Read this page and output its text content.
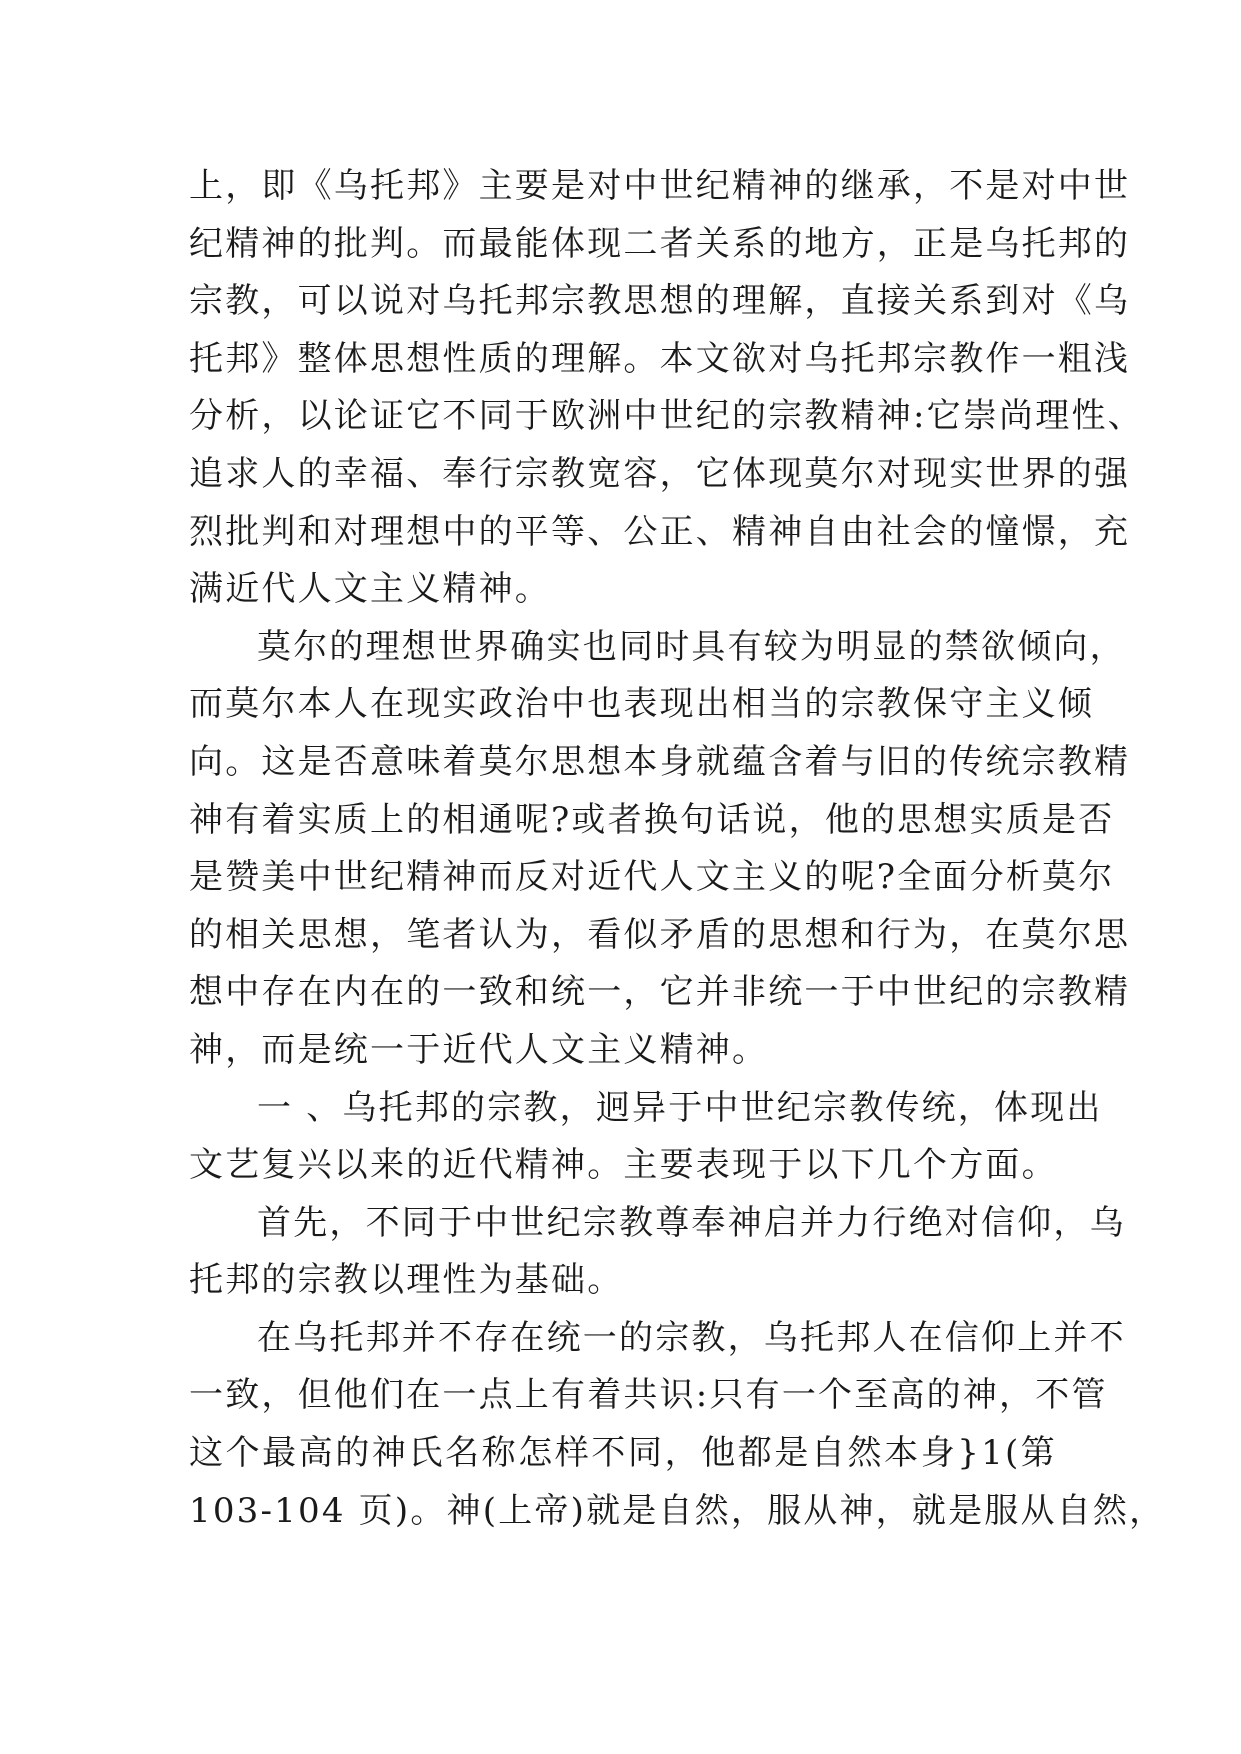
上，即《乌托邦》主要是对中世纪精神的继承，不是对中世
纪精神的批判。而最能体现二者关系的地方，正是乌托邦的
宗教，可以说对乌托邦宗教思想的理解，直接关系到对《乌
托邦》整体思想性质的理解。本文欲对乌托邦宗教作一粗浅
分析，以论证它不同于欧洲中世纪的宗教精神:它崇尚理性、
追求人的幸福、奉行宗教宽容，它体现莫尔对现实世界的强
烈批判和对理想中的平等、公正、精神自由社会的憧憬，充
满近代人文主义精神。
莫尔的理想世界确实也同时具有较为明显的禁欲倾向，
而莫尔本人在现实政治中也表现出相当的宗教保守主义倾
向。这是否意味着莫尔思想本身就蕴含着与旧的传统宗教精
神有着实质上的相通呢?或者换句话说，他的思想实质是否
是赞美中世纪精神而反对近代人文主义的呢?全面分析莫尔
的相关思想，笔者认为，看似矛盾的思想和行为，在莫尔思
想中存在内在的一致和统一，它并非统一于中世纪的宗教精
神，而是统一于近代人文主义精神。
一 、乌托邦的宗教，迥异于中世纪宗教传统，体现出
文艺复兴以来的近代精神。主要表现于以下几个方面。
首先，不同于中世纪宗教尊奉神启并力行绝对信仰，乌
托邦的宗教以理性为基础。
在乌托邦并不存在统一的宗教，乌托邦人在信仰上并不
一致，但他们在一点上有着共识:只有一个至高的神，不管
这个最高的神氏名称怎样不同，他都是自然本身}1(第
103-104 页)。神(上帝)就是自然，服从神，就是服从自然，
